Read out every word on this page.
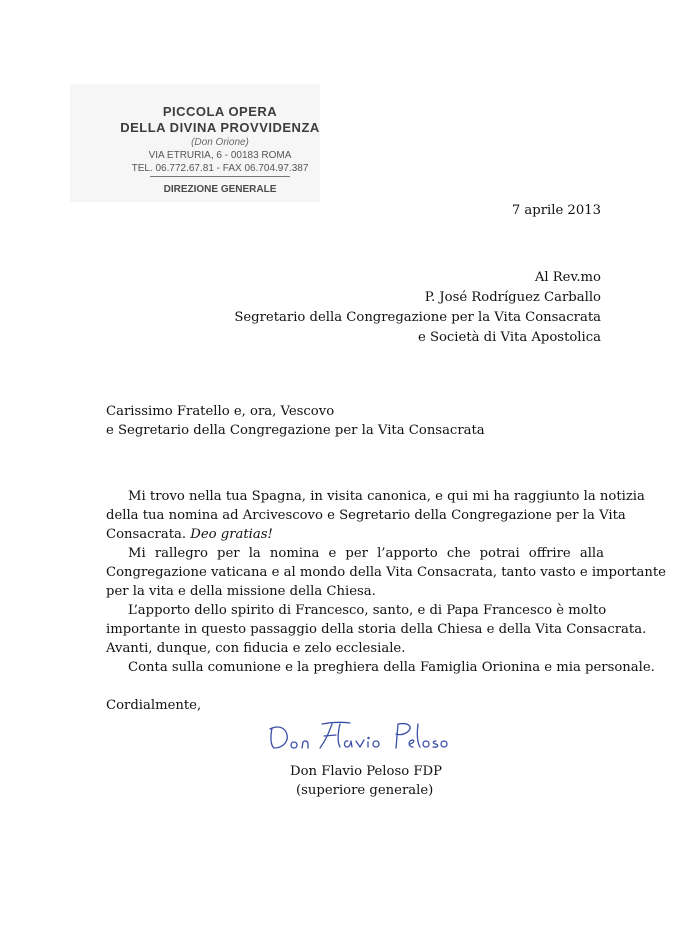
PICCOLA OPERA
DELLA DIVINA PROVVIDENZA
(Don Orione)
VIA ETRURIA, 6 - 00183 ROMA
TEL. 06.772.67.81 - FAX 06.704.97.387
DIREZIONE GENERALE
7 aprile 2013
Al Rev.mo
P. José Rodríguez Carballo
Segretario della Congregazione per la Vita Consacrata
e Società di Vita Apostolica
Carissimo Fratello e, ora, Vescovo
e Segretario della Congregazione per la Vita Consacrata
Mi trovo nella tua Spagna, in visita canonica, e qui mi ha raggiunto la notizia
della tua nomina ad Arcivescovo e Segretario della Congregazione per la Vita
Consacrata. Deo gratias!
Mi rallegro per la nomina e per l’apporto che potrai offrire alla
Congregazione vaticana e al mondo della Vita Consacrata, tanto vasto e importante
per la vita e della missione della Chiesa.
L’apporto dello spirito di Francesco, santo, e di Papa Francesco è molto
importante in questo passaggio della storia della Chiesa e della Vita Consacrata.
Avanti, dunque, con fiducia e zelo ecclesiale.
Conta sulla comunione e la preghiera della Famiglia Orionina e mia personale.
Cordialmente,
Don Flavio Peloso FDP
(superiore generale)
